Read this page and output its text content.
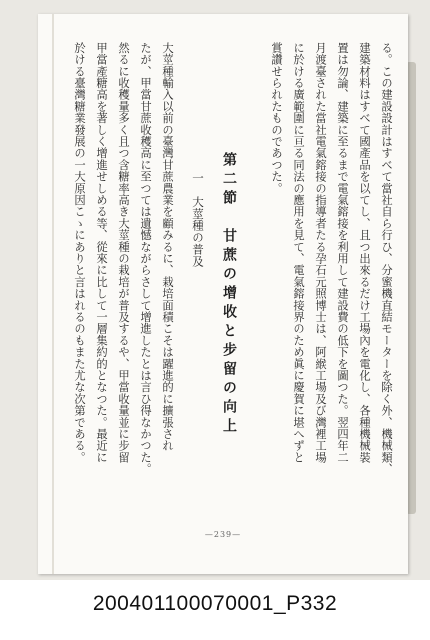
る。この建設設計はすべて當社自ら行ひ、分蜜機直結モーターを除く外、機械類、
建築材料はすべて國產品を以てし、且つ出來るだけ工場內を電化し、各種機械裝
置は勿論、建築に至るまで電氣鎔接を利用して建設費の低下を圖つた。翌四年二
月渡臺された當社電氣鎔接の指導者たる孕石元照博士は、阿緱工場及び灣裡工場
に於ける廣範圍に亘る同法の應用を見て、電氣鎔接界のため眞に慶賀に堪へずと
賞讚せられたものであつた。
第二節　甘蔗の增收と步留の向上
一　大莖種の普及
大莖種輸入以前の臺灣甘蔗農業を顧みるに、栽培面積こそは躍進的に擴張され
たが、甲當甘蔗收穫高に至つては遺憾ながらさして增進したとは言ひ得なかつた。
然るに收穫量多く且つ含糖率高き大莖種の栽培が普及するや、甲當收量並に步留
甲當產糖高を著しく增進せしめる等、從來に比して一層集約的となつた。最近に
於ける臺灣糖業發展の一大原因こゝにありと言はれるのもまた尤な次第である。
—239—
200401100070001_P332
